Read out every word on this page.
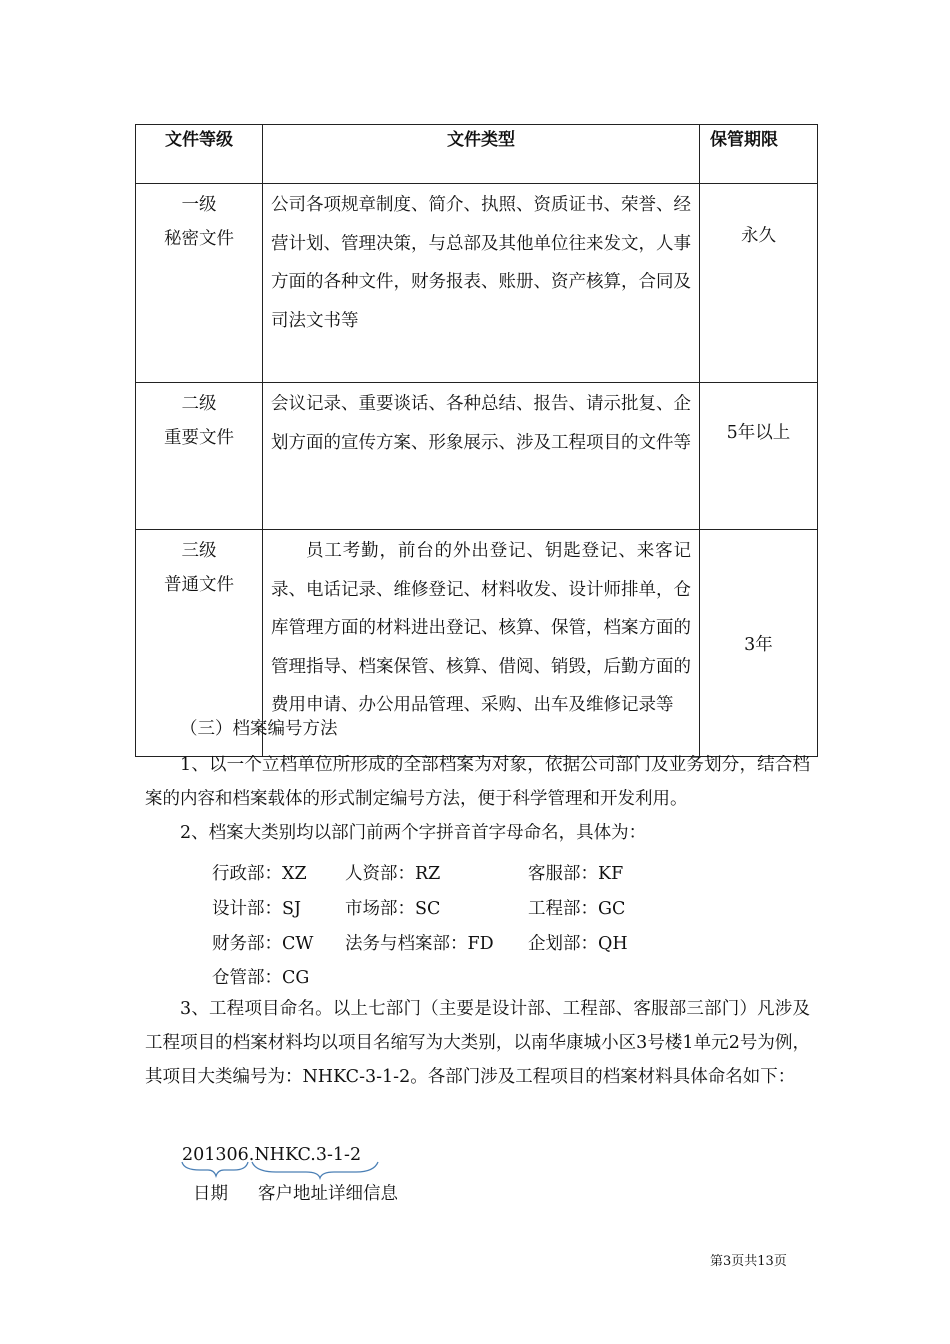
文件等级	文件类型	保管期限

一级
秘密文件	公司各项规章制度、简介、执照、资质证书、荣誉、经营计划、管理决策，与总部及其他单位往来发文，人事方面的各种文件，财务报表、账册、资产核算，合同及司法文书等	永久

二级
重要文件	会议记录、重要谈话、各种总结、报告、请示批复、企划方面的宣传方案、形象展示、涉及工程项目的文件等	5年以上

三级
普通文件	员工考勤，前台的外出登记、钥匙登记、来客记录、电话记录、维修登记、材料收发、设计师排单，仓库管理方面的材料进出登记、核算、保管，档案方面的管理指导、档案保管、核算、借阅、销毁，后勤方面的费用申请、办公用品管理、采购、出车及维修记录等	3年
（三）档案编号方法
1、以一个立档单位所形成的全部档案为对象，依据公司部门及业务划分，结合档案的内容和档案载体的形式制定编号方法，便于科学管理和开发利用。
2、档案大类别均以部门前两个字拼音首字母命名，具体为：
行政部：XZ 人资部：RZ	客服部：KF
设计部：SJ	市场部：SC	工程部：GC
财务部：CW 法务与档案部：FD 企划部：QH
仓管部：CG
3、工程项目命名。以上七部门（主要是设计部、工程部、客服部三部门）凡涉及工程项目的档案材料均以项目名缩写为大类别，以南华康城小区3号楼1单元2号为例，其项目大类编号为：NHKC-3-1-2。各部门涉及工程项目的档案材料具体命名如下：
201306.NHKC.3-1-2
日期 客户地址详细信息
第3页共13页
